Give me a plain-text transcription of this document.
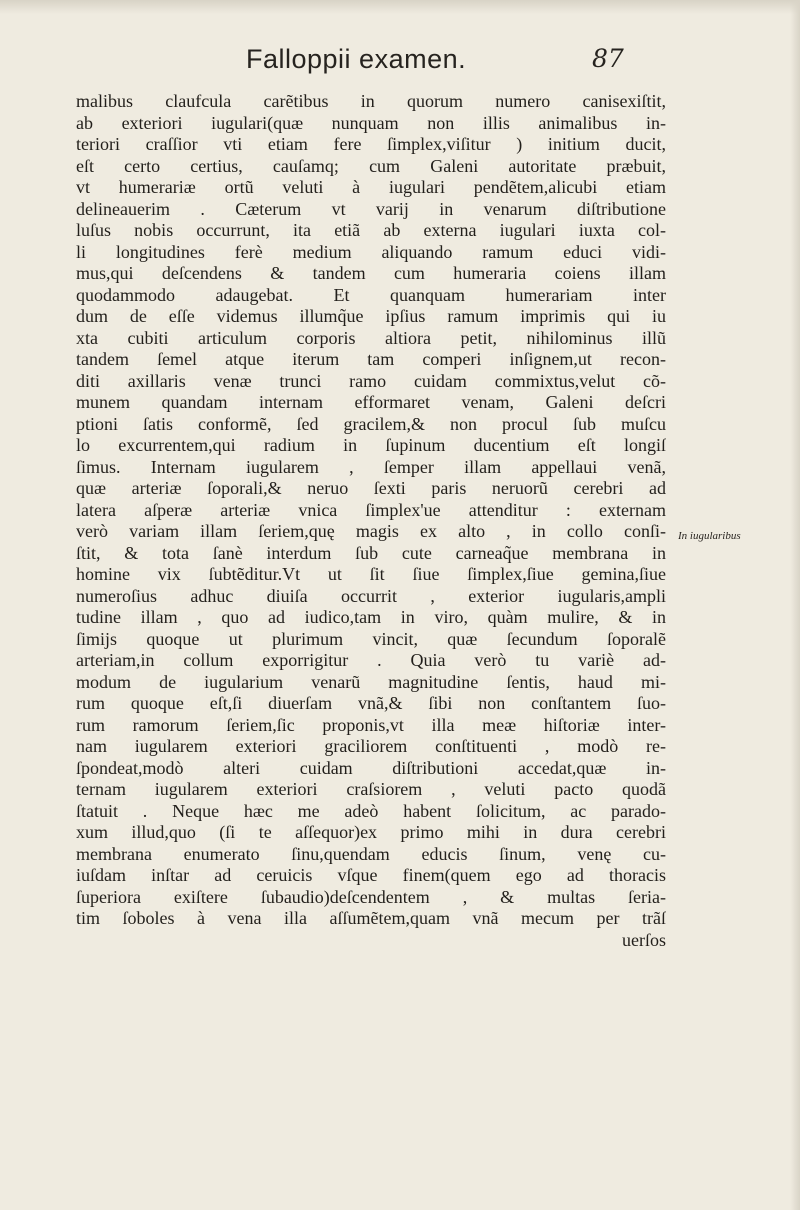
Falloppii examen.	87
malibus claufcula carẽtibus in quorum numero canisexiſtit,
ab exteriori iugulari(quæ nunquam non illis animalibus in-
teriori craſſior vti etiam fere ſimplex,viſitur ) initium ducit,
eſt certo certius, cauſamq; cum Galeni autoritate præbuit,
vt humerariæ ortũ veluti à iugulari pendẽtem,alicubi etiam
delineauerim . Cæterum vt varij in venarum diſtributione
luſus nobis occurrunt, ita etiã ab externa iugulari iuxta col-
li longitudines ferè medium aliquando ramum educi vidi-
mus,qui deſcendens & tandem cum humeraria coiens illam
quodammodo adaugebat. Et quanquam humerariam inter
dum de eſſe videmus illumq̃ue ipſius ramum imprimis qui iu
xta cubiti articulum corporis altiora petit, nihilominus illũ
tandem ſemel atque iterum tam comperi inſignem,ut recon-
diti axillaris venæ trunci ramo cuidam commixtus,velut cõ-
munem quandam internam efformaret venam, Galeni deſcri
ptioni ſatis conformẽ, ſed gracilem,& non procul ſub muſcu
lo excurrentem,qui radium in ſupinum ducentium eſt longiſ
ſimus. Internam iugularem , ſemper illam appellaui venã,
quæ arteriæ ſoporali,& neruo ſexti paris neruorũ cerebri ad
latera aſperæ arteriæ vnica ſimplex'ue attenditur : externam
verò variam illam ſeriem,quę magis ex alto , in collo conſi-
ſtit, & tota ſanè interdum ſub cute carneaq̃ue membrana in
homine vix ſubtẽditur.Vt ut ſit ſiue ſimplex,ſiue gemina,ſiue
numeroſius adhuc diuiſa occurrit , exterior iugularis,ampli
tudine illam , quo ad iudico,tam in viro, quàm mulire, & in
ſimijs quoque ut plurimum vincit, quæ ſecundum ſoporalẽ
arteriam,in collum exporrigitur . Quia verò tu variè ad-
modum de iugularium venarũ magnitudine ſentis, haud mi-
rum quoque eſt,ſi diuerſam vnã,& ſibi non conſtantem ſuo-
rum ramorum ſeriem,ſic proponis,vt illa meæ hiſtoriæ inter-
nam iugularem exteriori graciliorem conſtituenti , modò re-
ſpondeat,modò alteri cuidam diſtributioni accedat,quæ in-
ternam iugularem exteriori craſsiorem , veluti pacto quodã
ſtatuit . Neque hæc me adeò habent ſolicitum, ac parado-
xum illud,quo (ſi te aſſequor)ex primo mihi in dura cerebri
membrana enumerato ſinu,quendam educis ſinum, venę cu-
iuſdam inſtar ad ceruicis vſque finem(quem ego ad thoracis
ſuperiora exiſtere ſubaudio)deſcendentem , & multas ſeria-
tim ſoboles à vena illa aſſumẽtem,quam vnã mecum per trãſ
uerſos
In iugularibus
